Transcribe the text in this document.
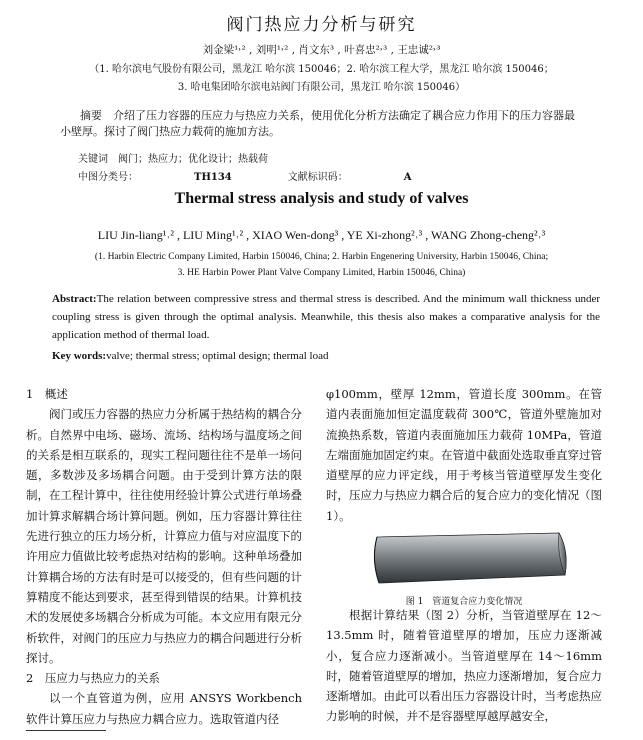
阀门热应力分析与研究
刘金梁¹˒² , 刘明¹˒² , 肖文东³ , 叶喜忠²˒³ , 王忠诚²˒³
（1. 哈尔滨电气股份有限公司，黑龙江 哈尔滨 150046；2. 哈尔滨工程大学，黑龙江 哈尔滨 150046；
3. 哈电集团哈尔滨电站阀门有限公司，黑龙江 哈尔滨 150046）
摘要　 介绍了压力容器的压应力与热应力关系，使用优化分析方法确定了耦合应力作用下的压力容器最小壁厚。探讨了阀门热应力载荷的施加方法。
关键词　 阀门；热应力；优化设计；热载荷
中图分类号：	TH134	文献标识码：	A
Thermal stress analysis and study of valves
LIU Jin-liang¹˒² , LIU Ming¹˒² , XIAO Wen-dong³ , YE Xi-zhong²˒³ , WANG Zhong-cheng²˒³
(1. Harbin Electric Company Limited, Harbin 150046, China; 2. Harbin Engenering University, Harbin 150046, China;
3. HE Harbin Power Plant Valve Company Limited, Harbin 150046, China)
Abstract:The relation between compressive stress and thermal stress is described. And the minimum wall thickness under coupling stress is given through the optimal analysis. Meanwhile, this thesis also makes a comparative analysis for the application method of thermal load.
Key words:valve; thermal stress; optimal design; thermal load

1　概述

阀门或压力容器的热应力分析属于热结构的耦合分析。自然界中电场、磁场、流场、结构场与温度场之间的关系是相互联系的，现实工程问题往往不是单一场问题，多数涉及多场耦合问题。由于受到计算方法的限制，在工程计算中，往往使用经验计算公式进行单场叠加计算求解耦合场计算问题。例如，压力容器计算往往先进行独立的压力场分析，计算应力值与对应温度下的许用应力值做比较考虑热对结构的影响。这种单场叠加计算耦合场的方法有时是可以接受的，但有些问题的计算精度不能达到要求，甚至得到错误的结果。计算机技术的发展使多场耦合分析成为可能。本文应用有限元分析软件，对阀门的压应力与热应力的耦合问题进行分析探讨。

2　压应力与热应力的关系

以一个直管道为例，应用 ANSYS Workbench 软件计算压应力与热应力耦合应力。选取管道内径

φ100mm，壁厚 12mm，管道长度 300mm。在管道内表面施加恒定温度载荷 300℃，管道外壁施加对流换热系数，管道内表面施加压力载荷 10MPa，管道左端面施加固定约束。在管道中截面处选取垂直穿过管道壁厚的应力评定线，用于考核当管道壁厚发生变化时，压应力与热应力耦合后的复合应力的变化情况（图 1）。
图 1　管道复合应力变化情况
根据计算结果（图 2）分析，当管道壁厚在 12～13.5mm 时，随着管道壁厚的增加，压应力逐渐减小，复合应力逐渐减小。当管道壁厚在 14～16mm 时，随着管道壁厚的增加，热应力逐渐增加，复合应力逐渐增加。由此可以看出压力容器设计时，当考虑热应力影响的时候，并不是容器壁厚越厚越安全，
